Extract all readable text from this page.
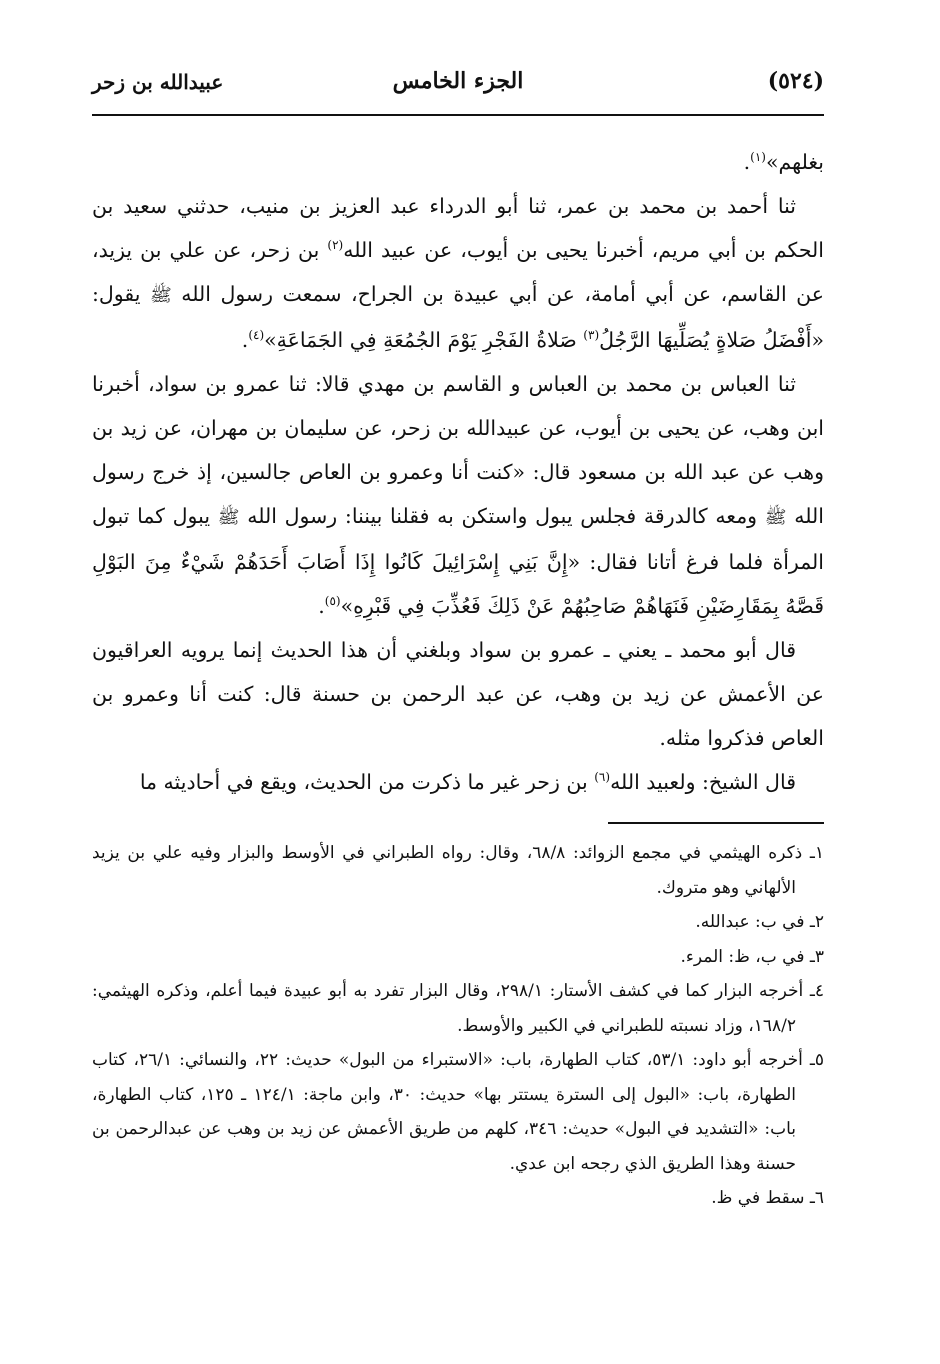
(٥٢٤)
الجزء الخامس
عبيدالله بن زحر

بغلهم»$^{(١)}$.

ثنا أحمد بن محمد بن عمر، ثنا أبو الدرداء عبد العزيز بن منيب، حدثني سعيد بن الحكم بن أبي مريم، أخبرنا يحيى بن أيوب، عن عبيد الله$^{(٢)}$ بن زحر، عن علي بن يزيد، عن القاسم، عن أبي أمامة، عن أبي عبيدة بن الجراح، سمعت رسول الله ﷺ يقول: «أَفْضَلُ صَلاةٍ يُصَلِّيهَا الرَّجُلُ$^{(٣)}$ صَلاةُ الفَجْرِ يَوْمَ الجُمُعَةِ فِي الجَمَاعَةِ»$^{(٤)}$.

ثنا العباس بن محمد بن العباس و القاسم بن مهدي قالا: ثنا عمرو بن سواد، أخبرنا ابن وهب، عن يحيى بن أيوب، عن عبيدالله بن زحر، عن سليمان بن مهران، عن زيد بن وهب عن عبد الله بن مسعود قال: «كنت أنا وعمرو بن العاص جالسين، إذ خرج رسول الله ﷺ ومعه كالدرقة فجلس يبول واستكن به فقلنا بيننا: رسول الله ﷺ يبول كما تبول المرأة فلما فرغ أتانا فقال: «إِنَّ بَنِي إِسْرَائِيلَ كَانُوا إِذَا أَصَابَ أَحَدَهُمْ شَيْءٌ مِنَ البَوْلِ قَصَّهُ بِمَقَارِضَيْنِ فَنَهَاهُمْ صَاحِبُهُمْ عَنْ ذَلِكَ فَعُذِّبَ فِي قَبْرِهِ»$^{(٥)}$.

قال أبو محمد ـ يعني ـ عمرو بن سواد وبلغني أن هذا الحديث إنما يرويه العراقيون عن الأعمش عن زيد بن وهب، عن عبد الرحمن بن حسنة قال: كنت أنا وعمرو بن العاص فذكروا مثله.

قال الشيخ: ولعبيد الله$^{(٦)}$ بن زحر غير ما ذكرت من الحديث، ويقع في أحاديثه ما

١ـ ذكره الهيثمي في مجمع الزوائد: ٦٨/٨، وقال: رواه الطبراني في الأوسط والبزار وفيه علي بن يزيد الألهاني وهو متروك.

٢ـ في ب: عبدالله.

٣ـ في ب، ظ: المرء.

٤ـ أخرجه البزار كما في كشف الأستار: ٢٩٨/١، وقال البزار تفرد به أبو عبيدة فيما أعلم، وذكره الهيثمي: ١٦٨/٢، وزاد نسبته للطبراني في الكبير والأوسط.

٥ـ أخرجه أبو داود: ٥٣/١، كتاب الطهارة، باب: «الاستبراء من البول» حديث: ٢٢، والنسائي: ٢٦/١، كتاب الطهارة، باب: «البول إلى السترة يستتر بها» حديث: ٣٠، وابن ماجة: ١٢٤/١ ـ ١٢٥، كتاب الطهارة، باب: «التشديد في البول» حديث: ٣٤٦، كلهم من طريق الأعمش عن زيد بن وهب عن عبدالرحمن بن حسنة وهذا الطريق الذي رجحه ابن عدي.

٦ـ سقط في ظ.
